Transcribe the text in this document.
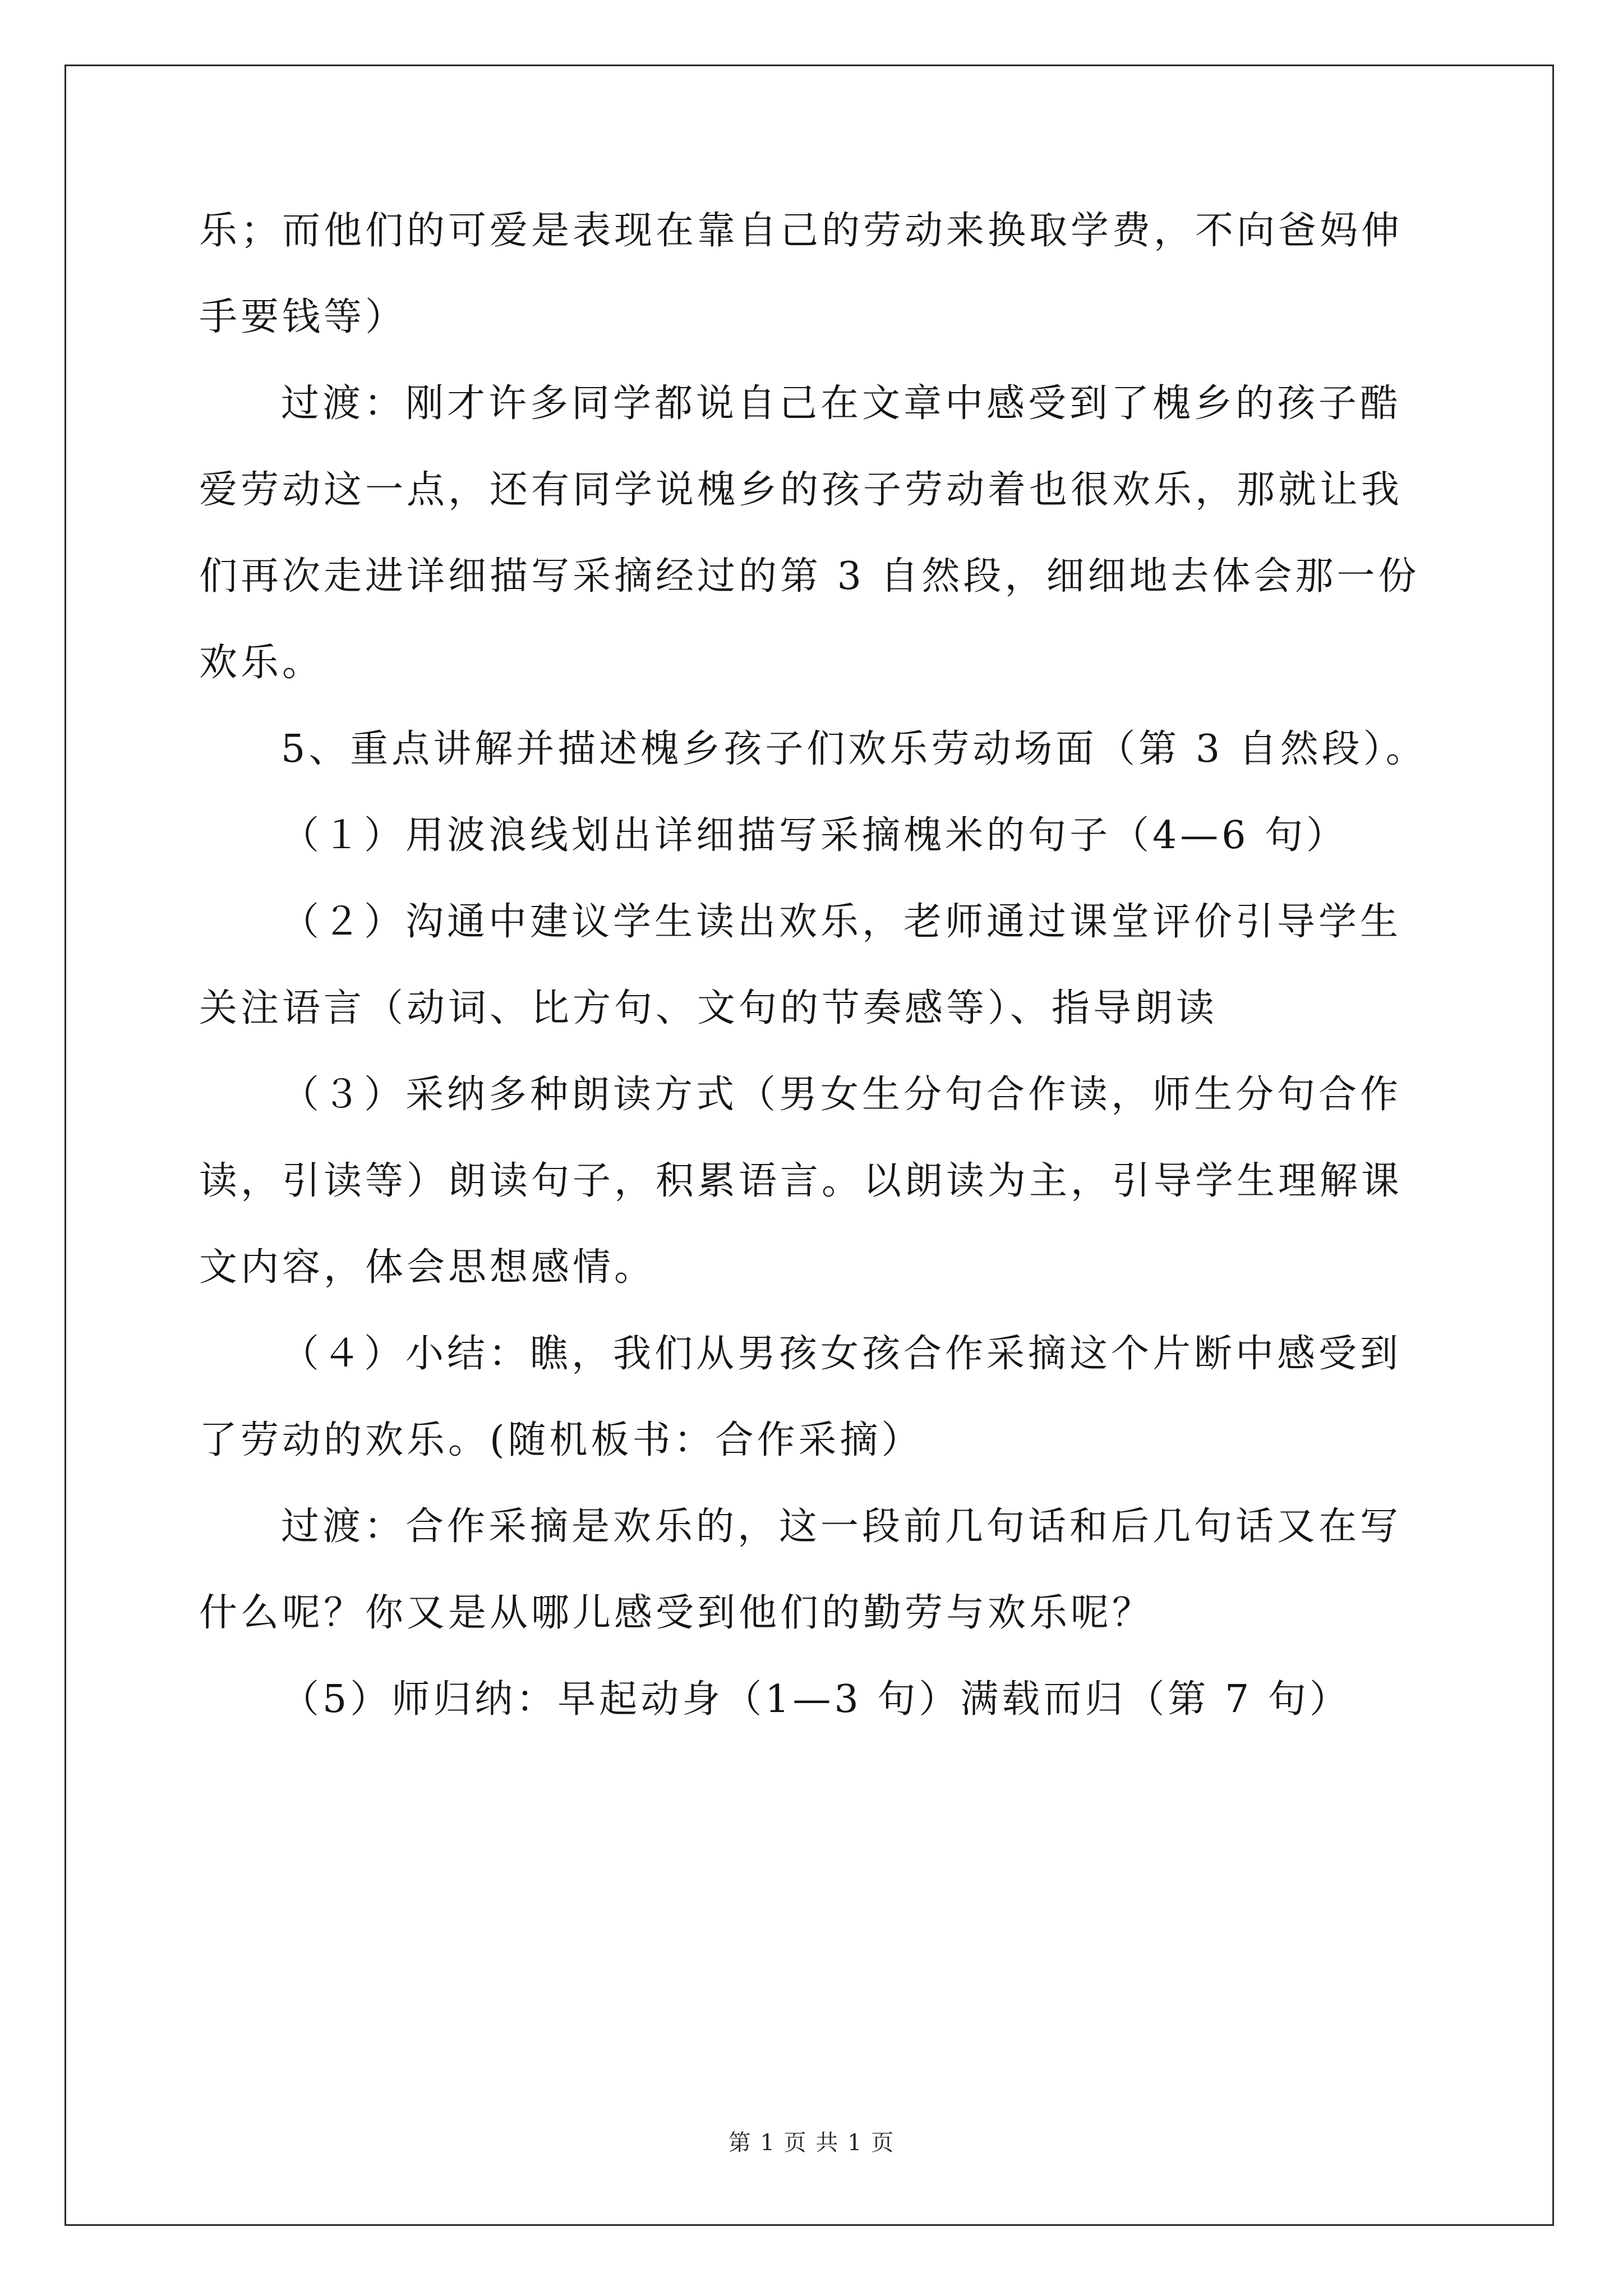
乐；而他们的可爱是表现在靠自己的劳动来换取学费，不向爸妈伸手要钱等）

过渡：刚才许多同学都说自己在文章中感受到了槐乡的孩子酷爱劳动这一点，还有同学说槐乡的孩子劳动着也很欢乐，那就让我们再次走进详细描写采摘经过的第 3 自然段，细细地去体会那一份欢乐。

5、重点讲解并描述槐乡孩子们欢乐劳动场面（第 3 自然段）。

（１）用波浪线划出详细描写采摘槐米的句子（4—6 句）

（２）沟通中建议学生读出欢乐，老师通过课堂评价引导学生关注语言（动词、比方句、文句的节奏感等）、指导朗读

（３）采纳多种朗读方式（男女生分句合作读，师生分句合作读，引读等）朗读句子，积累语言。以朗读为主，引导学生理解课文内容，体会思想感情。

（４）小结：瞧，我们从男孩女孩合作采摘这个片断中感受到了劳动的欢乐。(随机板书：合作采摘）

过渡：合作采摘是欢乐的，这一段前几句话和后几句话又在写什么呢？你又是从哪儿感受到他们的勤劳与欢乐呢？

（5）师归纳：早起动身（1—3 句）满载而归（第 7 句）

第 1 页 共 1 页
